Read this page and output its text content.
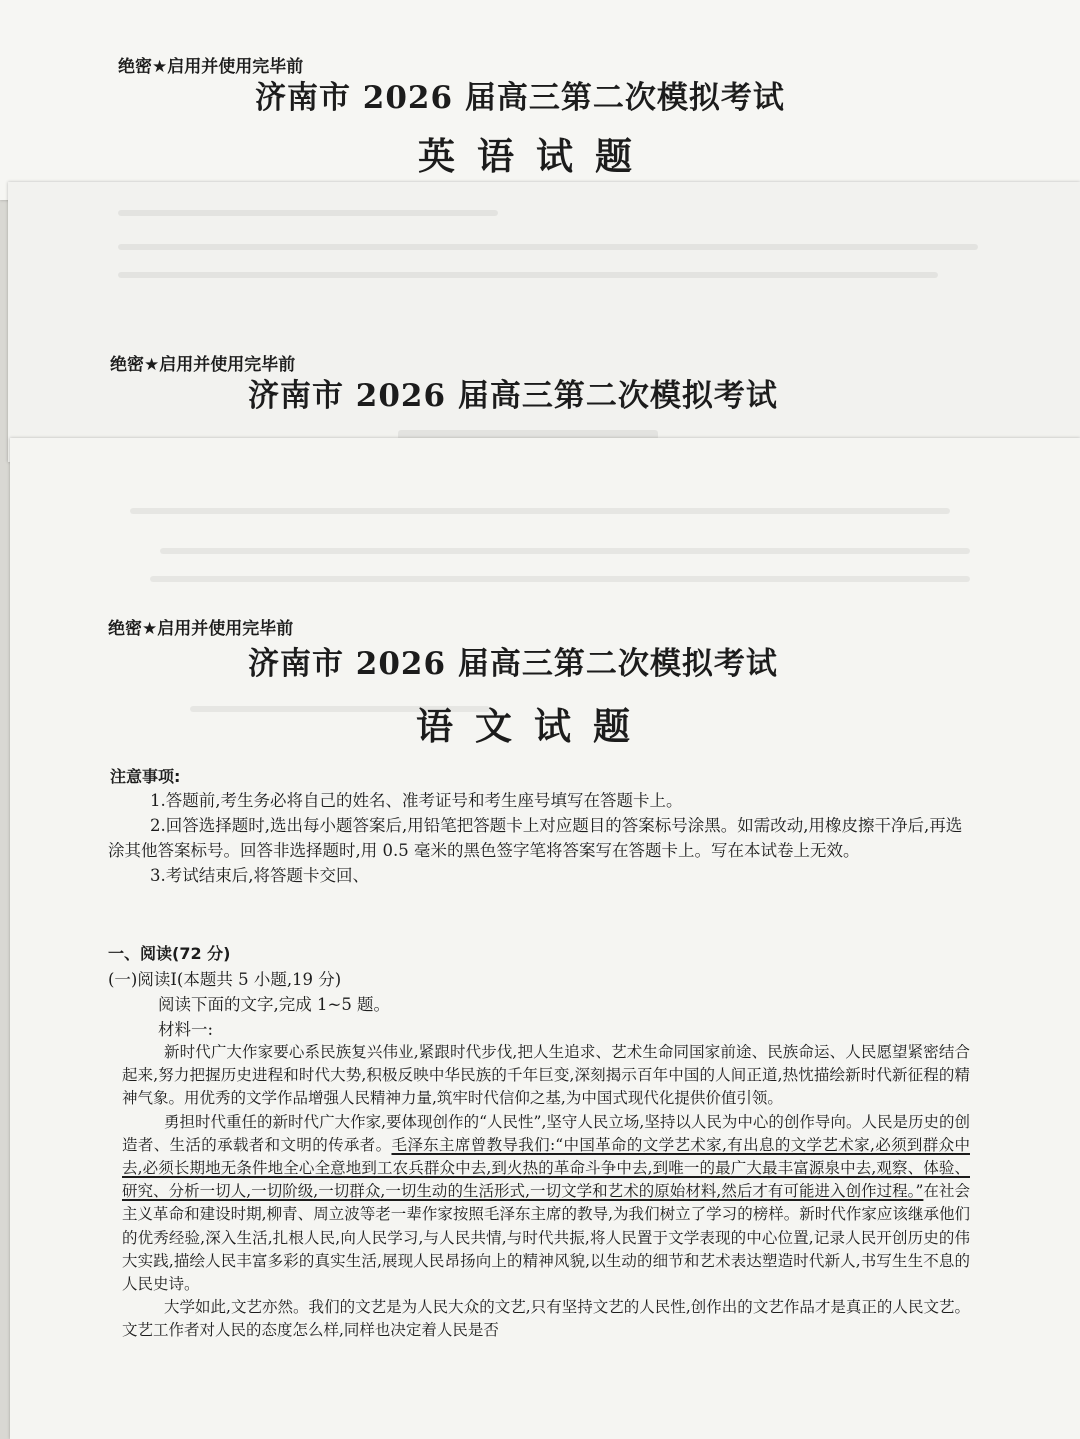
绝密★启用并使用完毕前
济南市 2026 届高三第二次模拟考试
英语试题
绝密★启用并使用完毕前
济南市 2026 届高三第二次模拟考试
绝密★启用并使用完毕前
济南市 2026 届高三第二次模拟考试
语文试题
注意事项:

1.答题前,考生务必将自己的姓名、准考证号和考生座号填写在答题卡上。

2.回答选择题时,选出每小题答案后,用铅笔把答题卡上对应题目的答案标号涂黑。如需改动,用橡皮擦干净后,再选涂其他答案标号。回答非选择题时,用 0.5 毫米的黑色签字笔将答案写在答题卡上。写在本试卷上无效。

3.考试结束后,将答题卡交回、

一、阅读(72 分)
(一)阅读Ⅰ(本题共 5 小题,19 分)
阅读下面的文字,完成 1~5 题。
材料一:

新时代广大作家要心系民族复兴伟业,紧跟时代步伐,把人生追求、艺术生命同国家前途、民族命运、人民愿望紧密结合起来,努力把握历史进程和时代大势,积极反映中华民族的千年巨变,深刻揭示百年中国的人间正道,热忱描绘新时代新征程的精神气象。用优秀的文学作品增强人民精神力量,筑牢时代信仰之基,为中国式现代化提供价值引领。

勇担时代重任的新时代广大作家,要体现创作的“人民性”,坚守人民立场,坚持以人民为中心的创作导向。人民是历史的创造者、生活的承载者和文明的传承者。毛泽东主席曾教导我们:“中国革命的文学艺术家,有出息的文学艺术家,必须到群众中去,必须长期地无条件地全心全意地到工农兵群众中去,到火热的革命斗争中去,到唯一的最广大最丰富源泉中去,观察、体验、研究、分析一切人,一切阶级,一切群众,一切生动的生活形式,一切文学和艺术的原始材料,然后才有可能进入创作过程。”在社会主义革命和建设时期,柳青、周立波等老一辈作家按照毛泽东主席的教导,为我们树立了学习的榜样。新时代作家应该继承他们的优秀经验,深入生活,扎根人民,向人民学习,与人民共情,与时代共振,将人民置于文学表现的中心位置,记录人民开创历史的伟大实践,描绘人民丰富多彩的真实生活,展现人民昂扬向上的精神风貌,以生动的细节和艺术表达塑造时代新人,书写生生不息的人民史诗。

大学如此,文艺亦然。我们的文艺是为人民大众的文艺,只有坚持文艺的人民性,创作出的文艺作品才是真正的人民文艺。文艺工作者对人民的态度怎么样,同样也决定着人民是否
